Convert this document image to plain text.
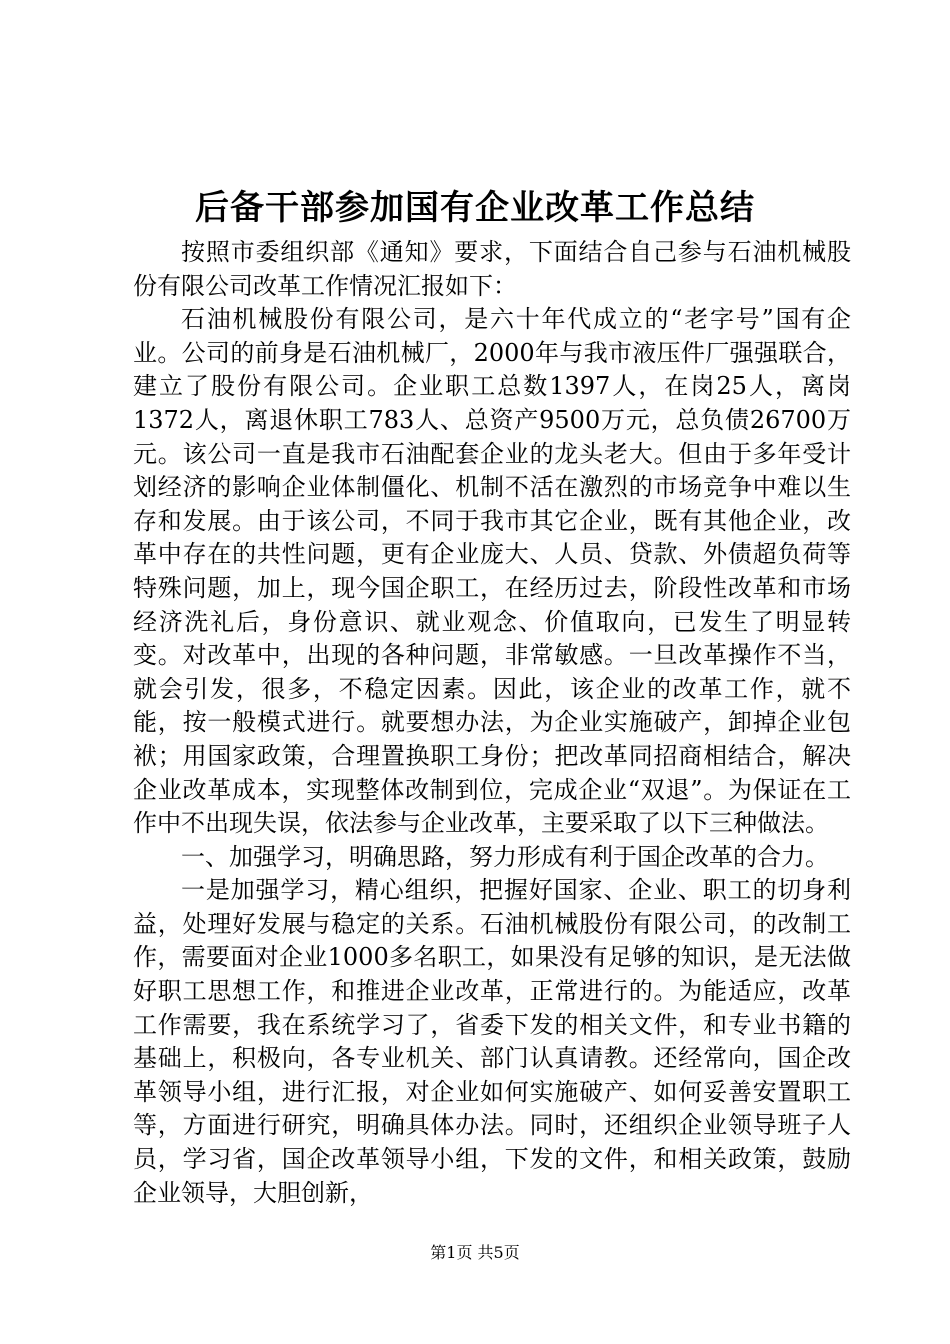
后备干部参加国有企业改革工作总结

按照市委组织部《通知》要求，下面结合自己参与石油机械股份有限公司改革工作情况汇报如下：

石油机械股份有限公司，是六十年代成立的“老字号”国有企业。公司的前身是石油机械厂，2000年与我市液压件厂强强联合，建立了股份有限公司。企业职工总数1397人，在岗25人，离岗1372人，离退休职工783人、总资产9500万元，总负债26700万元。该公司一直是我市石油配套企业的龙头老大。但由于多年受计划经济的影响企业体制僵化、机制不活在激烈的市场竞争中难以生存和发展。由于该公司，不同于我市其它企业，既有其他企业，改革中存在的共性问题，更有企业庞大、人员、贷款、外债超负荷等特殊问题，加上，现今国企职工，在经历过去，阶段性改革和市场经济洗礼后，身份意识、就业观念、价值取向，已发生了明显转变。对改革中，出现的各种问题，非常敏感。一旦改革操作不当，就会引发，很多，不稳定因素。因此，该企业的改革工作，就不能，按一般模式进行。就要想办法，为企业实施破产，卸掉企业包袱；用国家政策，合理置换职工身份；把改革同招商相结合，解决企业改革成本，实现整体改制到位，完成企业“双退”。为保证在工作中不出现失误，依法参与企业改革，主要采取了以下三种做法。

一、加强学习，明确思路，努力形成有利于国企改革的合力。

一是加强学习，精心组织，把握好国家、企业、职工的切身利益，处理好发展与稳定的关系。石油机械股份有限公司，的改制工作，需要面对企业1000多名职工，如果没有足够的知识，是无法做好职工思想工作，和推进企业改革，正常进行的。为能适应，改革工作需要，我在系统学习了，省委下发的相关文件，和专业书籍的基础上，积极向，各专业机关、部门认真请教。还经常向，国企改革领导小组，进行汇报，对企业如何实施破产、如何妥善安置职工等，方面进行研究，明确具体办法。同时，还组织企业领导班子人员，学习省，国企改革领导小组，下发的文件，和相关政策，鼓励企业领导，大胆创新，

第1页 共5页
